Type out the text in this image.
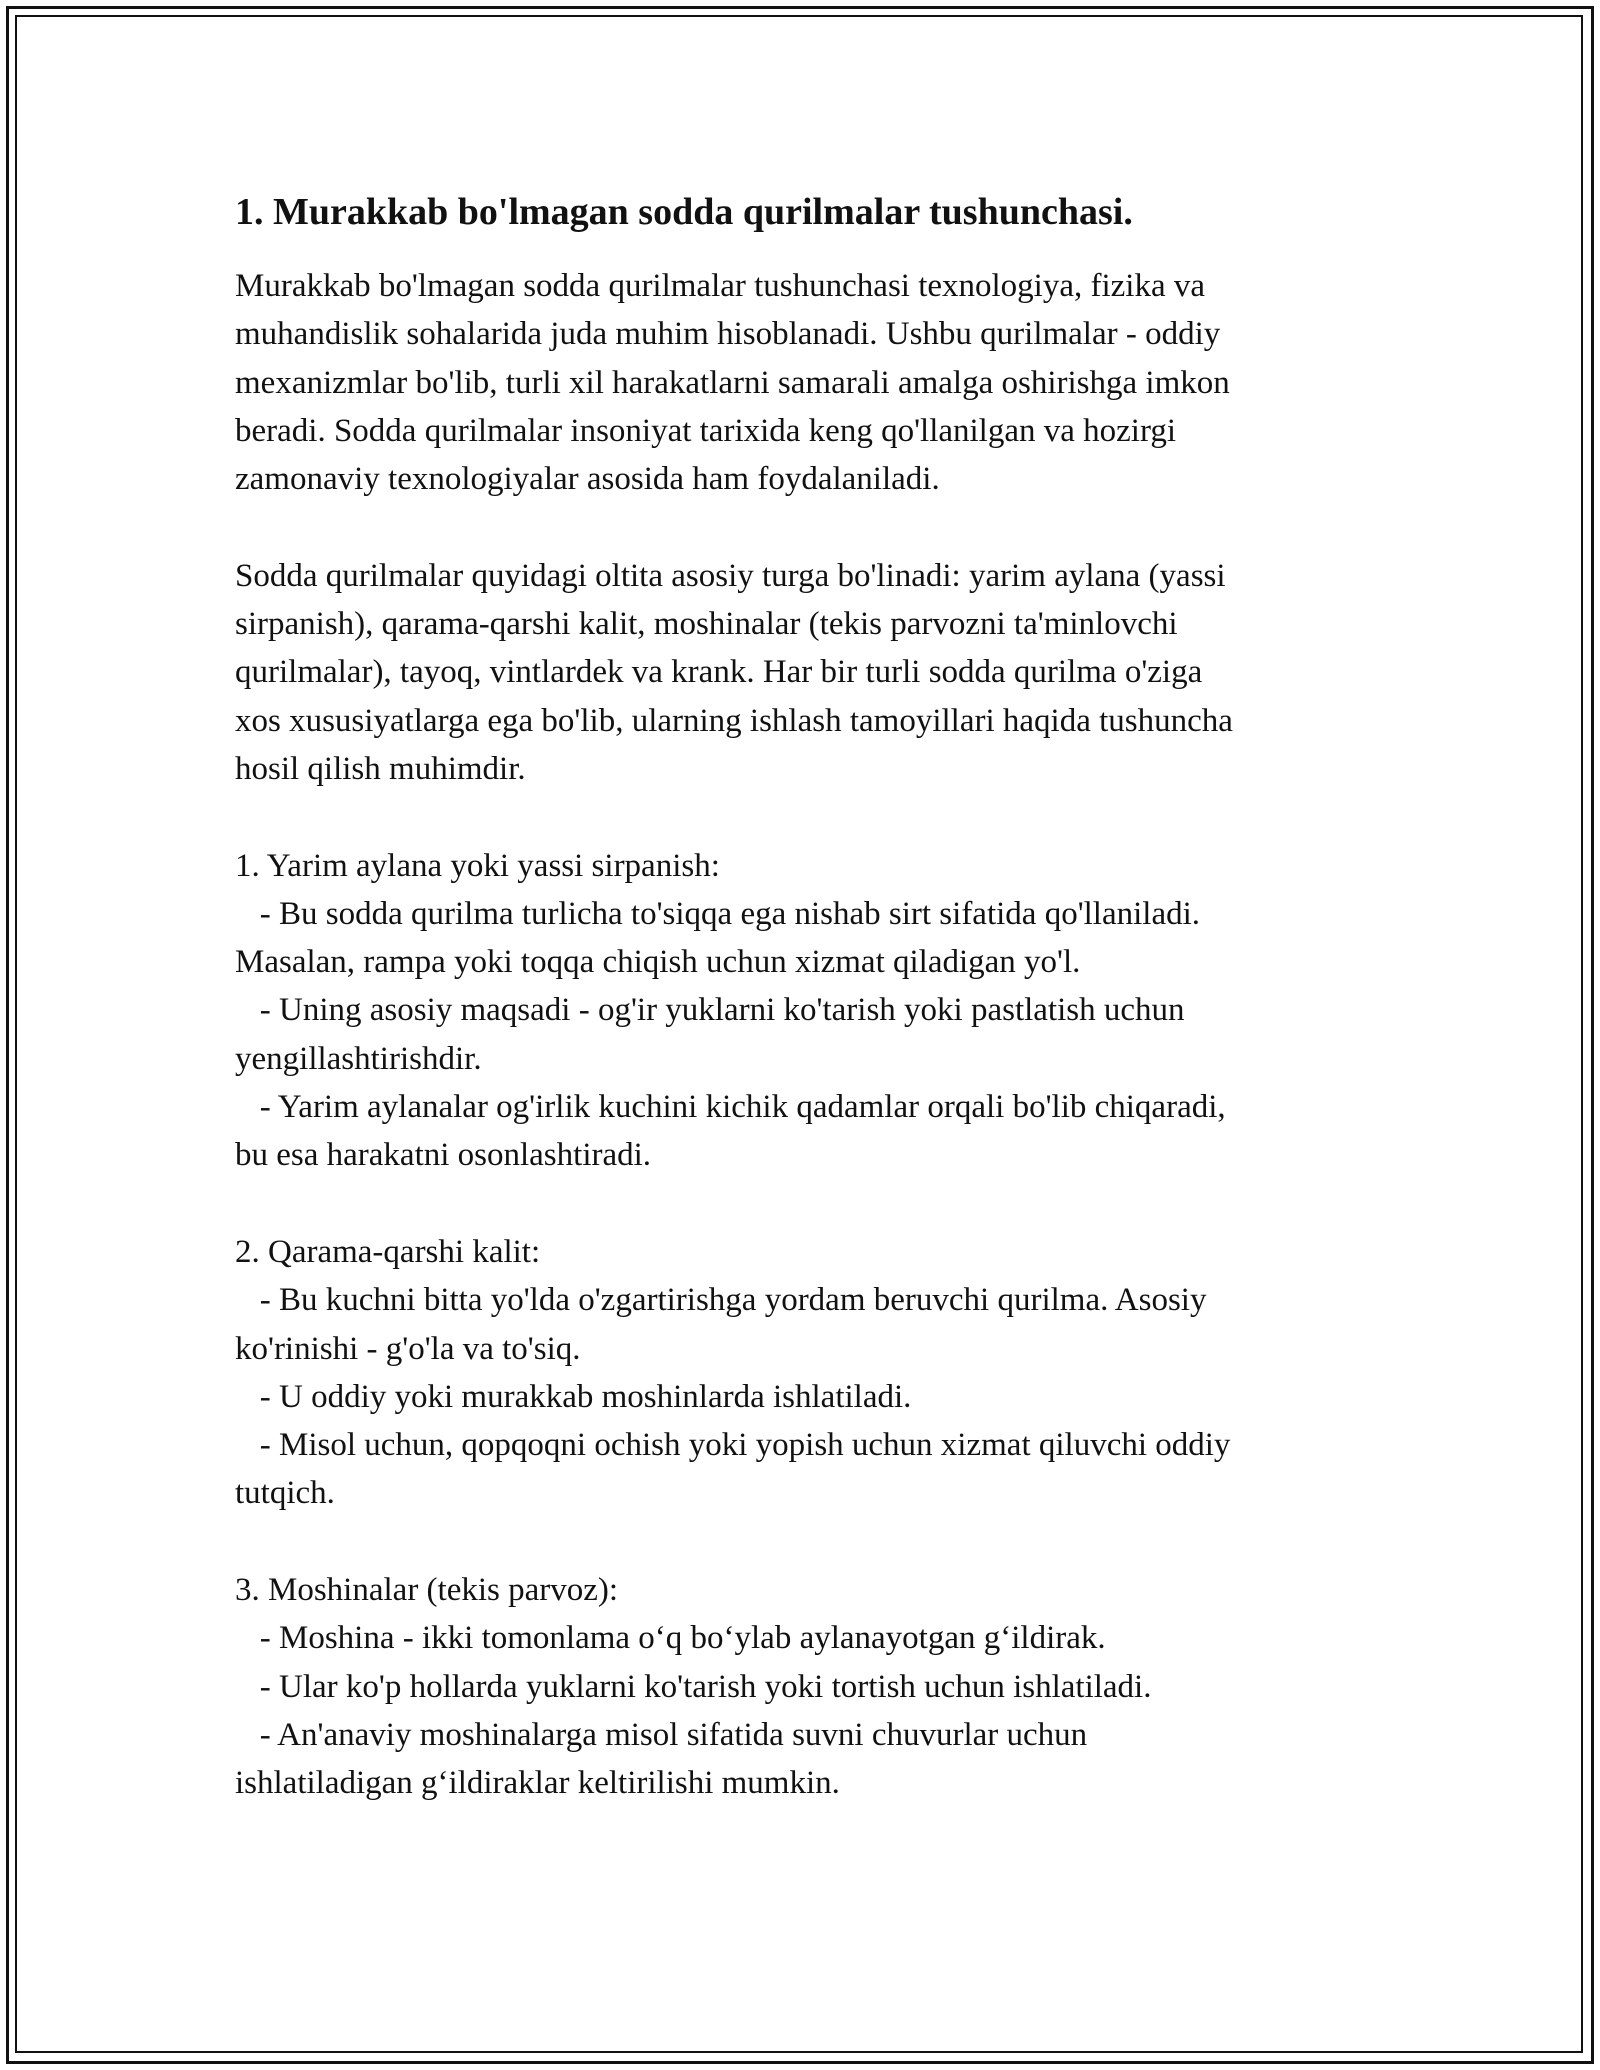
1. Murakkab bo'lmagan sodda qurilmalar tushunchasi.
Murakkab bo'lmagan sodda qurilmalar tushunchasi texnologiya, fizika va
muhandislik sohalarida juda muhim hisoblanadi. Ushbu qurilmalar - oddiy
mexanizmlar bo'lib, turli xil harakatlarni samarali amalga oshirishga imkon
beradi. Sodda qurilmalar insoniyat tarixida keng qo'llanilgan va hozirgi
zamonaviy texnologiyalar asosida ham foydalaniladi.
Sodda qurilmalar quyidagi oltita asosiy turga bo'linadi: yarim aylana (yassi
sirpanish), qarama-qarshi kalit, moshinalar (tekis parvozni ta'minlovchi
qurilmalar), tayoq, vintlardek va krank. Har bir turli sodda qurilma o'ziga
xos xususiyatlarga ega bo'lib, ularning ishlash tamoyillari haqida tushuncha
hosil qilish muhimdir.
1. Yarim aylana yoki yassi sirpanish:
- Bu sodda qurilma turlicha to'siqqa ega nishab sirt sifatida qo'llaniladi.
Masalan, rampa yoki toqqa chiqish uchun xizmat qiladigan yo'l.
- Uning asosiy maqsadi - og'ir yuklarni ko'tarish yoki pastlatish uchun
yengillashtirishdir.
- Yarim aylanalar og'irlik kuchini kichik qadamlar orqali bo'lib chiqaradi,
bu esa harakatni osonlashtiradi.
2. Qarama-qarshi kalit:
- Bu kuchni bitta yo'lda o'zgartirishga yordam beruvchi qurilma. Asosiy
ko'rinishi - g'o'la va to'siq.
- U oddiy yoki murakkab moshinlarda ishlatiladi.
- Misol uchun, qopqoqni ochish yoki yopish uchun xizmat qiluvchi oddiy
tutqich.
3. Moshinalar (tekis parvoz):
- Moshina - ikki tomonlama oʻq boʻylab aylanayotgan gʻildirak.
- Ular ko'p hollarda yuklarni ko'tarish yoki tortish uchun ishlatiladi.
- An'anaviy moshinalarga misol sifatida suvni chuvurlar uchun
ishlatiladigan gʻildiraklar keltirilishi mumkin.
